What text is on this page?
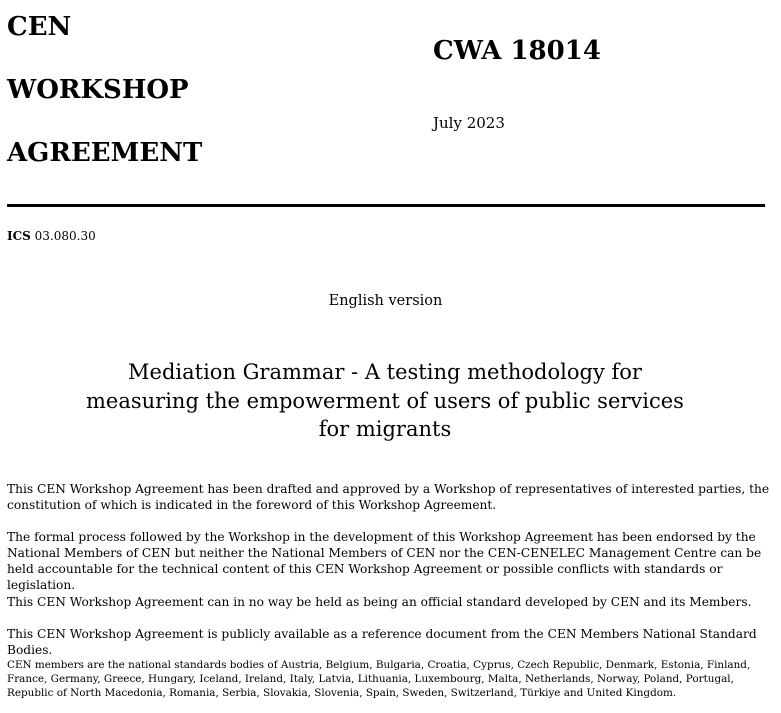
CEN
WORKSHOP
AGREEMENT
CWA 18014
July 2023
ICS 03.080.30
English version
Mediation Grammar - A testing methodology for
measuring the empowerment of users of public services
for migrants

This CEN Workshop Agreement has been drafted and approved by a Workshop of representatives of interested parties, the constitution of which is indicated in the foreword of this Workshop Agreement.

The formal process followed by the Workshop in the development of this Workshop Agreement has been endorsed by the National Members of CEN but neither the National Members of CEN nor the CEN-CENELEC Management Centre can be held accountable for the technical content of this CEN Workshop Agreement or possible conflicts with standards or legislation.

This CEN Workshop Agreement can in no way be held as being an official standard developed by CEN and its Members.

This CEN Workshop Agreement is publicly available as a reference document from the CEN Members National Standard Bodies.

CEN members are the national standards bodies of Austria, Belgium, Bulgaria, Croatia, Cyprus, Czech Republic, Denmark, Estonia, Finland, France, Germany, Greece, Hungary, Iceland, Ireland, Italy, Latvia, Lithuania, Luxembourg, Malta, Netherlands, Norway, Poland, Portugal, Republic of North Macedonia, Romania, Serbia, Slovakia, Slovenia, Spain, Sweden, Switzerland, Türkiye and United Kingdom.
